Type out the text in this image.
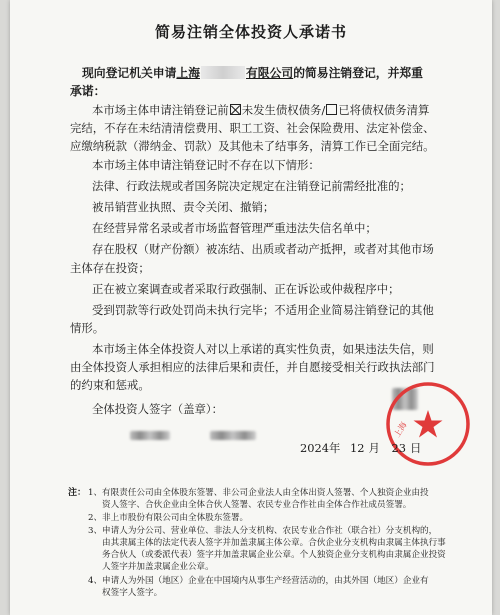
简易注销全体投资人承诺书
现向登记机关申请上海	有限公司的简易注销登记，并郑重
承诺：
本市场主体申请注销登记前 未发生债权债务/ 已将债权债务清算
完结，不存在未结清清偿费用、职工工资、社会保险费用、法定补偿金、
应缴纳税款（滞纳金、罚款）及其他未了结事务，清算工作已全面完结。
本市场主体申请注销登记时不存在以下情形：
法律、行政法规或者国务院决定规定在注销登记前需经批准的；
被吊销营业执照、责令关闭、撤销；
在经营异常名录或者市场监督管理严重违法失信名单中；
存在股权（财产份额）被冻结、出质或者动产抵押，或者对其他市场
主体存在投资；
正在被立案调查或者采取行政强制、正在诉讼或仲裁程序中；
受到罚款等行政处罚尚未执行完毕；不适用企业简易注销登记的其他
情形。
本市场主体全体投资人对以上承诺的真实性负责，如果违法失信，则
由全体投资人承担相应的法律后果和责任，并自愿接受相关行政执法部门
的约束和惩戒。
全体投资人签字（盖章）：
上海
2024年 12 月 23 日
注： 1、有限责任公司由全体股东签署、非公司企业法人由全体出资人签署、个人独资企业由投
资人签字、合伙企业由全体合伙人签署、农民专业合作社由全体合作社成员签署。
2、非上市股份有限公司由全体股东签署。
3、申请人为分公司、营业单位、非法人分支机构、农民专业合作社（联合社）分支机构的，
由其隶属主体的法定代表人签字并加盖隶属主体公章。合伙企业分支机构由隶属主体执行事
务合伙人（或委派代表）签字并加盖隶属企业公章。个人独资企业分支机构由隶属企业投资
人签字并加盖隶属企业公章。
4、申请人为外国（地区）企业在中国境内从事生产经营活动的，由其外国（地区）企业有
权签字人签字。
